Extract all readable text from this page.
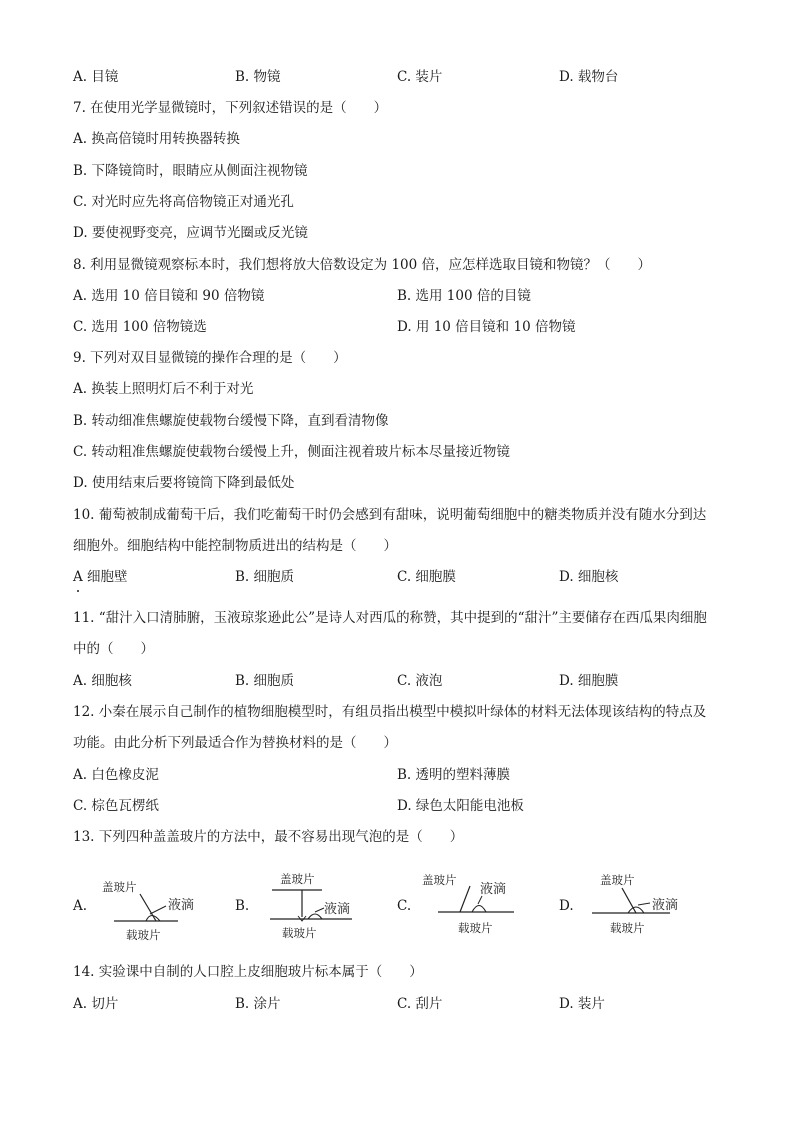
A. 目镜	B. 物镜	C. 装片	D. 载物台
7. 在使用光学显微镜时，下列叙述错误的是（　　）
A. 换高倍镜时用转换器转换
B. 下降镜筒时，眼睛应从侧面注视物镜
C. 对光时应先将高倍物镜正对通光孔
D. 要使视野变亮，应调节光圈或反光镜
8. 利用显微镜观察标本时，我们想将放大倍数设定为 100 倍，应怎样选取目镜和物镜？（　　）
A. 选用 10 倍目镜和 90 倍物镜	B. 选用 100 倍的目镜
C. 选用 100 倍物镜选	D. 用 10 倍目镜和 10 倍物镜
9. 下列对双目显微镜的操作合理的是（　　）
A. 换装上照明灯后不利于对光
B. 转动细准焦螺旋使载物台缓慢下降，直到看清物像
C. 转动粗准焦螺旋使载物台缓慢上升，侧面注视着玻片标本尽量接近物镜
D. 使用结束后要将镜筒下降到最低处
10. 葡萄被制成葡萄干后，我们吃葡萄干时仍会感到有甜味，说明葡萄细胞中的糖类物质并没有随水分到达
细胞外。细胞结构中能控制物质进出的结构是（　　）
A 细胞壁	B. 细胞质	C. 细胞膜	D. 细胞核
11. “甜汁入口清肺腑，玉液琼浆逊此公”是诗人对西瓜的称赞，其中提到的“甜汁”主要储存在西瓜果肉细胞
中的（　　）
A. 细胞核	B. 细胞质	C. 液泡	D. 细胞膜
12. 小秦在展示自己制作的植物细胞模型时，有组员指出模型中模拟叶绿体的材料无法体现该结构的特点及
功能。由此分析下列最适合作为替换材料的是（　　）
A. 白色橡皮泥	B. 透明的塑料薄膜
C. 棕色瓦楞纸	D. 绿色太阳能电池板
13. 下列四种盖盖玻片的方法中，最不容易出现气泡的是（　　）
A.
盖玻片
液滴
载玻片
B.
盖玻片
液滴
载玻片
C.
盖玻片
液滴
载玻片
D.
盖玻片
液滴
载玻片
14. 实验课中自制的人口腔上皮细胞玻片标本属于（　　）
A. 切片	B. 涂片	C. 刮片	D. 装片
